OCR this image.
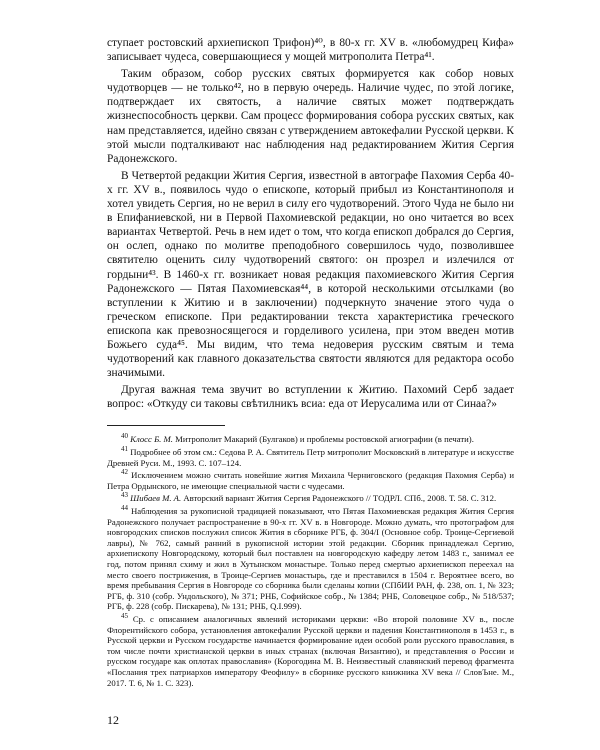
ступает ростовский архиепископ Трифон)⁴⁰, в 80-х гг. XV в. «любомудрец Кифа» записывает чудеса, совершающиеся у мощей митрополита Петра⁴¹.

Таким образом, собор русских святых формируется как собор новых чудотворцев — не только⁴², но в первую очередь. Наличие чудес, по этой логике, подтверждает их святость, а наличие святых может подтверждать жизнеспособность церкви. Сам процесс формирования собора русских святых, как нам представляется, идейно связан с утверждением автокефалии Русской церкви. К этой мысли подталкивают нас наблюдения над редактированием Жития Сергия Радонежского.

В Четвертой редакции Жития Сергия, известной в автографе Пахомия Серба 40-х гг. XV в., появилось чудо о епископе, который прибыл из Константинополя и хотел увидеть Сергия, но не верил в силу его чудотворений. Этого Чуда не было ни в Епифаниевской, ни в Первой Пахомиевской редакции, но оно читается во всех вариантах Четвертой. Речь в нем идет о том, что когда епископ добрался до Сергия, он ослеп, однако по молитве преподобного совершилось чудо, позволившее святителю оценить силу чудотворений святого: он прозрел и излечился от гордыни⁴³. В 1460-х гг. возникает новая редакция пахомиевского Жития Сергия Радонежского — Пятая Пахомиевская⁴⁴, в которой несколькими отсылками (во вступлении к Житию и в заключении) подчеркнуто значение этого чуда о греческом епископе. При редактировании текста характеристика греческого епископа как превозносящегося и горделивого усилена, при этом введен мотив Божьего суда⁴⁵. Мы видим, что тема недоверия русским святым и тема чудотворений как главного доказательства святости являются для редактора особо значимыми.

Другая важная тема звучит во вступлении к Житию. Пахомий Серб задает вопрос: «Откуду си таковы свѣтилникъ всиа: еда от Иерусалима или от Синаа?»

$^{40}$ Клосс Б. М. Митрополит Макарий (Булгаков) и проблемы ростовской агиографии (в печати).

$^{41}$ Подробнее об этом см.: Седова Р. А. Святитель Петр митрополит Московский в литературе и искусстве Древней Руси. М., 1993. С. 107–124.

$^{42}$ Исключением можно считать новейшие жития Михаила Черниговского (редакция Пахомия Серба) и Петра Ордынского, не имеющие специальной части с чудесами.

$^{43}$ Шибаев М. А. Авторский вариант Жития Сергия Радонежского // ТОДРЛ. СПб., 2008. Т. 58. С. 312.

$^{44}$ Наблюдения за рукописной традицией показывают, что Пятая Пахомиевская редакция Жития Сергия Радонежского получает распространение в 90-х гг. XV в. в Новгороде. Можно думать, что протографом для новгородских списков послужил список Жития в сборнике РГБ, ф. 304/I (Основное собр. Троице-Сергиевой лавры), № 762, самый ранний в рукописной истории этой редакции. Сборник принадлежал Сергию, архиепископу Новгородскому, который был поставлен на новгородскую кафедру летом 1483 г., занимал ее год, потом принял схиму и жил в Хутынском монастыре. Только перед смертью архиепископ переехал на место своего пострижения, в Троице-Сергиев монастырь, где и преставился в 1504 г. Вероятнее всего, во время пребывания Сергия в Новгороде со сборника были сделаны копии (СПбИИ РАН, ф. 238, оп. 1, № 323; РГБ, ф. 310 (собр. Ундольского), № 371; РНБ, Софийское собр., № 1384; РНБ, Соловецкое собр., № 518/537; РГБ, ф. 228 (собр. Пискарева), № 131; РНБ, Q.I.999).

$^{45}$ Ср. с описанием аналогичных явлений историками церкви: «Во второй половине XV в., после Флорентийского собора, установления автокефалии Русской церкви и падения Константинополя в 1453 г., в Русской церкви и Русском государстве начинается формирование идеи особой роли русского православия, в том числе почти христианской церкви в иных странах (включая Византию), и представления о России и русском государе как оплотах православия» (Корогодина М. В. Неизвестный славянский перевод фрагмента «Послания трех патриархов императору Феофилу» в сборнике русского книжника XV века // СловЪне. М., 2017. Т. 6, № 1. С. 323).

12
